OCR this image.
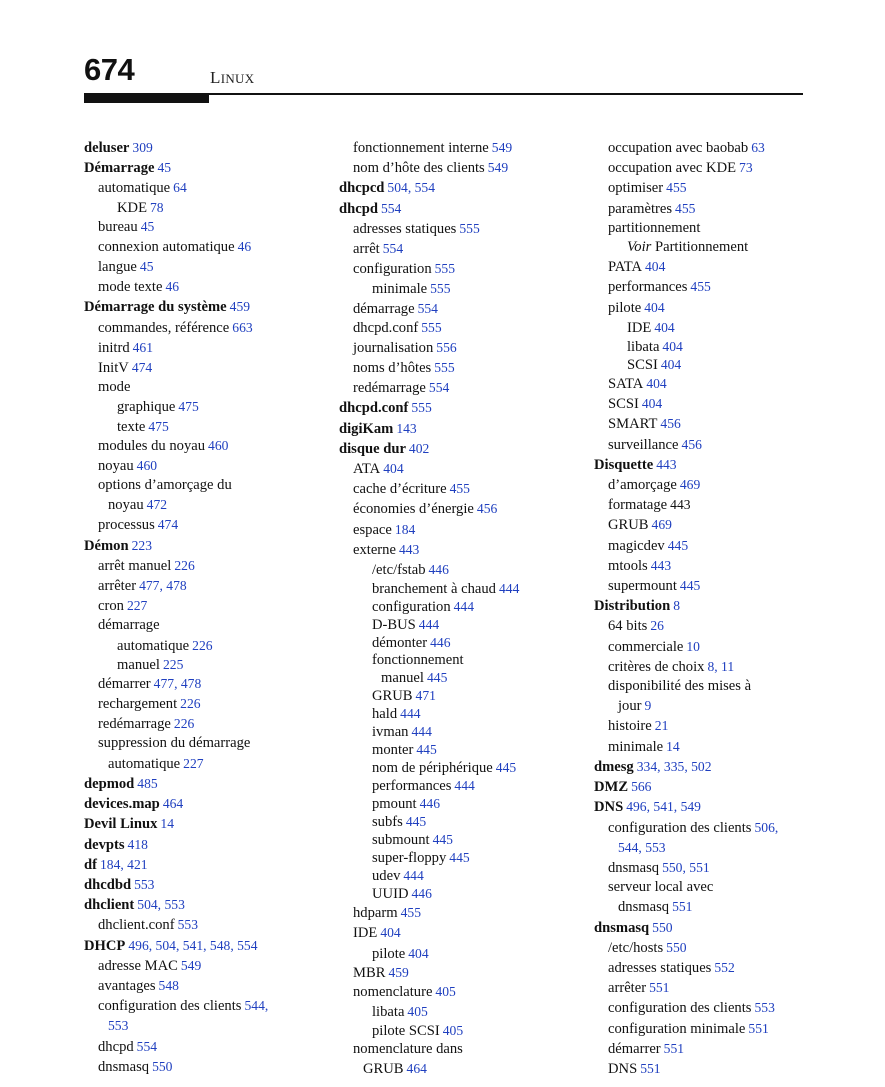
674	LINUX
deluser 309
Démarrage 45
automatique 64
KDE 78
bureau 45
connexion automatique 46
langue 45
mode texte 46
Démarrage du système 459
commandes, référence 663
initrd 461
InitV 474
mode
graphique 475
texte 475
modules du noyau 460
noyau 460
options d’amorçage du
noyau 472
processus 474
Démon 223
arrêt manuel 226
arrêter 477, 478
cron 227
démarrage
automatique 226
manuel 225
démarrer 477, 478
rechargement 226
redémarrage 226
suppression du démarrage
automatique 227
depmod 485
devices.map 464
Devil Linux 14
devpts 418
df 184, 421
dhcdbd 553
dhclient 504, 553
dhclient.conf 553
DHCP 496, 504, 541, 548, 554
adresse MAC 549
avantages 548
configuration des clients 544,
553
dhcpd 554
dnsmasq 550
fonctionnement interne 549
nom d’hôte des clients 549
dhcpcd 504, 554
dhcpd 554
adresses statiques 555
arrêt 554
configuration 555
minimale 555
démarrage 554
dhcpd.conf 555
journalisation 556
noms d’hôtes 555
redémarrage 554
dhcpd.conf 555
digiKam 143
disque dur 402
ATA 404
cache d’écriture 455
économies d’énergie 456
espace 184
externe 443
/etc/fstab 446
branchement à chaud 444
configuration 444
D-BUS 444
démonter 446
fonctionnement
manuel 445
GRUB 471
hald 444
ivman 444
monter 445
nom de périphérique 445
performances 444
pmount 446
subfs 445
submount 445
super-floppy 445
udev 444
UUID 446
hdparm 455
IDE 404
pilote 404
MBR 459
nomenclature 405
libata 405
pilote SCSI 405
nomenclature dans
GRUB 464
occupation avec baobab 63
occupation avec KDE 73
optimiser 455
paramètres 455
partitionnement
Voir Partitionnement
PATA 404
performances 455
pilote 404
IDE 404
libata 404
SCSI 404
SATA 404
SCSI 404
SMART 456
surveillance 456
Disquette 443
d’amorçage 469
formatage 443
GRUB 469
magicdev 445
mtools 443
supermount 445
Distribution 8
64 bits 26
commerciale 10
critères de choix 8, 11
disponibilité des mises à
jour 9
histoire 21
minimale 14
dmesg 334, 335, 502
DMZ 566
DNS 496, 541, 549
configuration des clients 506,
544, 553
dnsmasq 550, 551
serveur local avec
dnsmasq 551
dnsmasq 550
/etc/hosts 550
adresses statiques 552
arrêter 551
configuration des clients 553
configuration minimale 551
démarrer 551
DNS 551
